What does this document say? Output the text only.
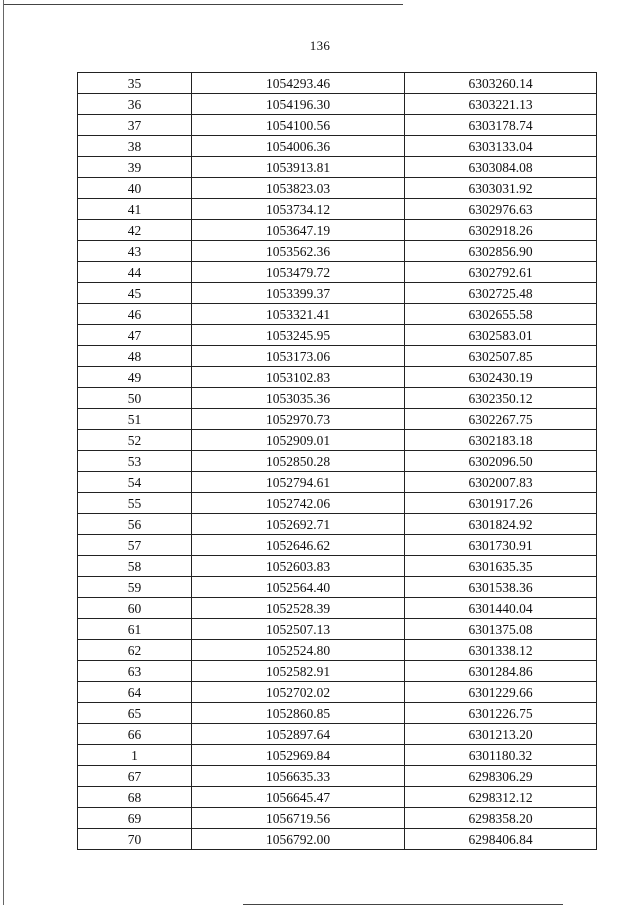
136
35	1054293.46	6303260.14
36	1054196.30	6303221.13
37	1054100.56	6303178.74
38	1054006.36	6303133.04
39	1053913.81	6303084.08
40	1053823.03	6303031.92
41	1053734.12	6302976.63
42	1053647.19	6302918.26
43	1053562.36	6302856.90
44	1053479.72	6302792.61
45	1053399.37	6302725.48
46	1053321.41	6302655.58
47	1053245.95	6302583.01
48	1053173.06	6302507.85
49	1053102.83	6302430.19
50	1053035.36	6302350.12
51	1052970.73	6302267.75
52	1052909.01	6302183.18
53	1052850.28	6302096.50
54	1052794.61	6302007.83
55	1052742.06	6301917.26
56	1052692.71	6301824.92
57	1052646.62	6301730.91
58	1052603.83	6301635.35
59	1052564.40	6301538.36
60	1052528.39	6301440.04
61	1052507.13	6301375.08
62	1052524.80	6301338.12
63	1052582.91	6301284.86
64	1052702.02	6301229.66
65	1052860.85	6301226.75
66	1052897.64	6301213.20
1	1052969.84	6301180.32
67	1056635.33	6298306.29
68	1056645.47	6298312.12
69	1056719.56	6298358.20
70	1056792.00	6298406.84
